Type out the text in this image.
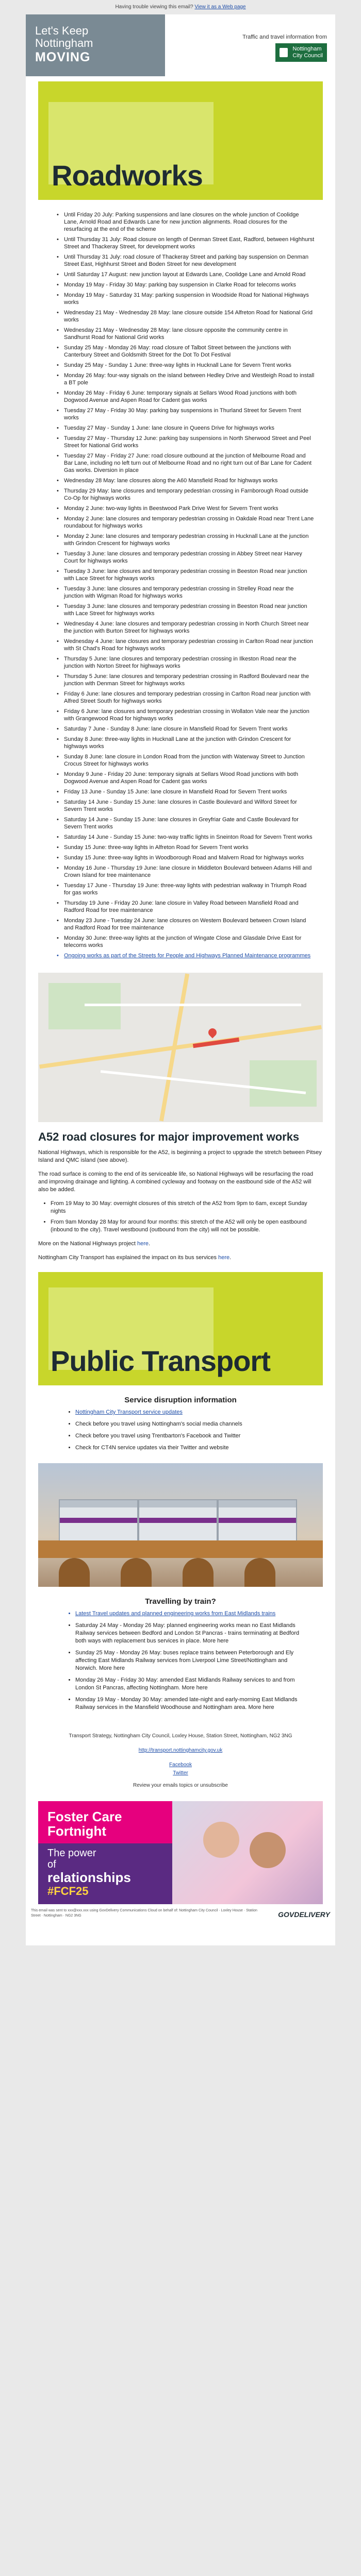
Having trouble viewing this email? View it as a Web page
Let's Keep
Nottingham
MOVING
Traffic and travel information from
Nottingham
City Council
Roadworks
• Until Friday 20 July: Parking suspensions and lane closures on the whole junction of Coolidge Lane, Arnold Road and Edwards Lane for new junction alignments. Road closures for the resurfacing at the end of the scheme
• Until Thursday 31 July: Road closure on length of Denman Street East, Radford, between Highhurst Street and Thackeray Street, for development works
• Until Thursday 31 July: road closure of Thackeray Street and parking bay suspension on Denman Street East, Highhurst Street and Boden Street for new development
• Until Saturday 17 August: new junction layout at Edwards Lane, Coolidge Lane and Arnold Road
• Monday 19 May - Friday 30 May: parking bay suspension in Clarke Road for telecoms works
• Monday 19 May - Saturday 31 May: parking suspension in Woodside Road for National Highways works
• Wednesday 21 May - Wednesday 28 May: lane closure outside 154 Alfreton Road for National Grid works
• Wednesday 21 May - Wednesday 28 May: lane closure opposite the community centre in Sandhurst Road for National Grid works
• Sunday 25 May - Monday 26 May: road closure of Talbot Street between the junctions with Canterbury Street and Goldsmith Street for the Dot To Dot Festival
• Sunday 25 May - Sunday 1 June: three-way lights in Hucknall Lane for Severn Trent works
• Monday 26 May: four-way signals on the island between Hedley Drive and Westleigh Road to install a BT pole
• Monday 26 May - Friday 6 June: temporary signals at Sellars Wood Road junctions with both Dogwood Avenue and Aspen Road for Cadent gas works
• Tuesday 27 May - Friday 30 May: parking bay suspensions in Thurland Street for Severn Trent works
• Tuesday 27 May - Sunday 1 June: lane closure in Queens Drive for highways works
• Tuesday 27 May - Thursday 12 June: parking bay suspensions in North Sherwood Street and Peel Street for National Grid works
• Tuesday 27 May - Friday 27 June: road closure outbound at the junction of Melbourne Road and Bar Lane, including no left turn out of Melbourne Road and no right turn out of Bar Lane for Cadent Gas works. Diversion in place
• Wednesday 28 May: lane closures along the A60 Mansfield Road for highways works
• Thursday 29 May: lane closures and temporary pedestrian crossing in Farnborough Road outside Co-Op for highways works
• Monday 2 June: two-way lights in Beestwood Park Drive West for Severn Trent works
• Monday 2 June: lane closures and temporary pedestrian crossing in Oakdale Road near Trent Lane roundabout for highways works
• Monday 2 June: lane closures and temporary pedestrian crossing in Hucknall Lane at the junction with Grindon Crescent for highways works
• Tuesday 3 June: lane closures and temporary pedestrian crossing in Abbey Street near Harvey Court for highways works
• Tuesday 3 June: lane closures and temporary pedestrian crossing in Beeston Road near junction with Lace Street for highways works
• Tuesday 3 June: lane closures and temporary pedestrian crossing in Strelley Road near the junction with Wigman Road for highways works
• Tuesday 3 June: lane closures and temporary pedestrian crossing in Beeston Road near junction with Lace Street for highways works
• Wednesday 4 June: lane closures and temporary pedestrian crossing in North Church Street near the junction with Burton Street for highways works
• Wednesday 4 June: lane closures and temporary pedestrian crossing in Carlton Road near junction with St Chad's Road for highways works
• Thursday 5 June: lane closures and temporary pedestrian crossing in Ilkeston Road near the junction with Norton Street for highways works
• Thursday 5 June: lane closures and temporary pedestrian crossing in Radford Boulevard near the junction with Denman Street for highways works
• Friday 6 June: lane closures and temporary pedestrian crossing in Carlton Road near junction with Alfred Street South for highways works
• Friday 6 June: lane closures and temporary pedestrian crossing in Wollaton Vale near the junction with Grangewood Road for highways works
• Saturday 7 June - Sunday 8 June: lane closure in Mansfield Road for Severn Trent works
• Sunday 8 June: three-way lights in Hucknall Lane at the junction with Grindon Crescent for highways works
• Sunday 8 June: lane closure in London Road from the junction with Waterway Street to Junction Crocus Street for highways works
• Monday 9 June - Friday 20 June: temporary signals at Sellars Wood Road junctions with both Dogwood Avenue and Aspen Road for Cadent gas works
• Friday 13 June - Sunday 15 June: lane closure in Mansfield Road for Severn Trent works
• Saturday 14 June - Sunday 15 June: lane closures in Castle Boulevard and Wilford Street for Severn Trent works
• Saturday 14 June - Sunday 15 June: lane closures in Greyfriar Gate and Castle Boulevard for Severn Trent works
• Saturday 14 June - Sunday 15 June: two-way traffic lights in Sneinton Road for Severn Trent works
• Sunday 15 June: three-way lights in Alfreton Road for Severn Trent works
• Sunday 15 June: three-way lights in Woodborough Road and Malvern Road for highways works
• Monday 16 June - Thursday 19 June: lane closure in Middleton Boulevard between Adams Hill and Crown Island for tree maintenance
• Tuesday 17 June - Thursday 19 June: three-way lights with pedestrian walkway in Triumph Road for gas works
• Thursday 19 June - Friday 20 June: lane closure in Valley Road between Mansfield Road and Radford Road for tree maintenance
• Monday 23 June - Tuesday 24 June: lane closures on Western Boulevard between Crown Island and Radford Road for tree maintenance
• Monday 30 June: three-way lights at the junction of Wingate Close and Glasdale Drive East for telecoms works
• Ongoing works as part of the Streets for People and Highways Planned Maintenance programmes
A52 road closures for major improvement works

National Highways, which is responsible for the A52, is beginning a project to upgrade the stretch between Pitsey Island and QMC island (see above).

The road surface is coming to the end of its serviceable life, so National Highways will be resurfacing the road and improving drainage and lighting. A combined cycleway and footway on the eastbound side of the A52 will also be added.

• From 19 May to 30 May: overnight closures of this stretch of the A52 from 9pm to 6am, except Sunday nights
• From 9am Monday 28 May for around four months: this stretch of the A52 will only be open eastbound (inbound to the city). Travel westbound (outbound from the city) will not be possible.

More on the National Highways project here.

Nottingham City Transport has explained the impact on its bus services here.

Public Transport
Service disruption information
• Nottingham City Transport service updates
• Check before you travel using Nottingham's social media channels
• Check before you travel using Trentbarton's Facebook and Twitter
• Check for CT4N service updates via their Twitter and website
Travelling by train?
• Latest Travel updates and planned engineering works from East Midlands trains
• Saturday 24 May - Monday 26 May: planned engineering works mean no East Midlands Railway services between Bedford and London St Pancras - trains terminating at Bedford both ways with replacement bus services in place. More here
• Sunday 25 May - Monday 26 May: buses replace trains between Peterborough and Ely affecting East Midlands Railway services from Liverpool Lime Street/Nottingham and Norwich. More here
• Monday 26 May - Friday 30 May: amended East Midlands Railway services to and from London St Pancras, affecting Nottingham. More here
• Monday 19 May - Monday 30 May: amended late-night and early-morning East Midlands Railway services in the Mansfield Woodhouse and Nottingham area. More here
Transport Strategy, Nottingham City Council, Loxley House, Station Street, Nottingham, NG2 3NG
http://transport.nottinghamcity.gov.uk
Facebook
Twitter
Review your emails topics or unsubscribe
Foster Care
Fortnight
The power
of
relationships
#FCF25
This email was sent to xxx@xxx.xxx using GovDelivery Communications Cloud on behalf of: Nottingham City Council · Loxley House · Station Street · Nottingham · NG2 3NG	GOVDELIVERY
